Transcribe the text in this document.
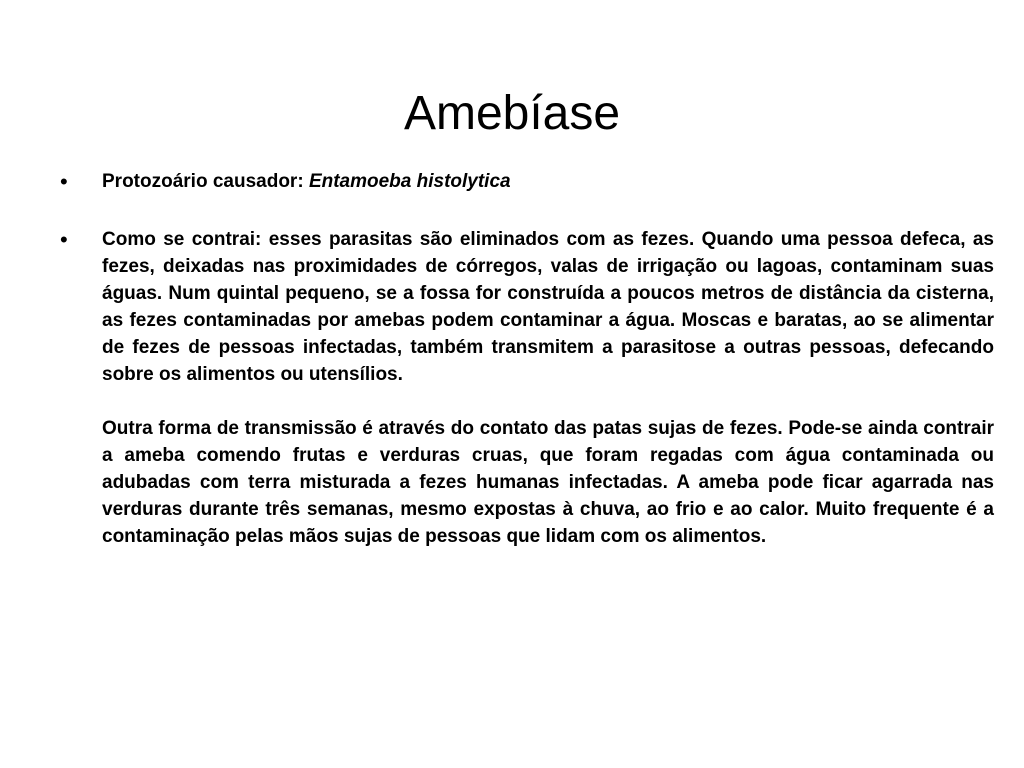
Amebíase
•	Protozoário causador: Entamoeba histolytica
•	Como se contrai: esses parasitas são eliminados com as fezes. Quando uma pessoa defeca, as fezes, deixadas nas proximidades de córregos, valas de irrigação ou lagoas, contaminam suas águas. Num quintal pequeno, se a fossa for construída a poucos metros de distância da cisterna, as fezes contaminadas por amebas podem contaminar a água. Moscas e baratas, ao se alimentar de fezes de pessoas infectadas, também transmitem a parasitose a outras pessoas, defecando sobre os alimentos ou utensílios.
Outra forma de transmissão é através do contato das patas sujas de fezes. Pode-se ainda contrair a ameba comendo frutas e verduras cruas, que foram regadas com água contaminada ou adubadas com terra misturada a fezes humanas infectadas. A ameba pode ficar agarrada nas verduras durante três semanas, mesmo expostas à chuva, ao frio e ao calor. Muito frequente é a contaminação pelas mãos sujas de pessoas que lidam com os alimentos.
